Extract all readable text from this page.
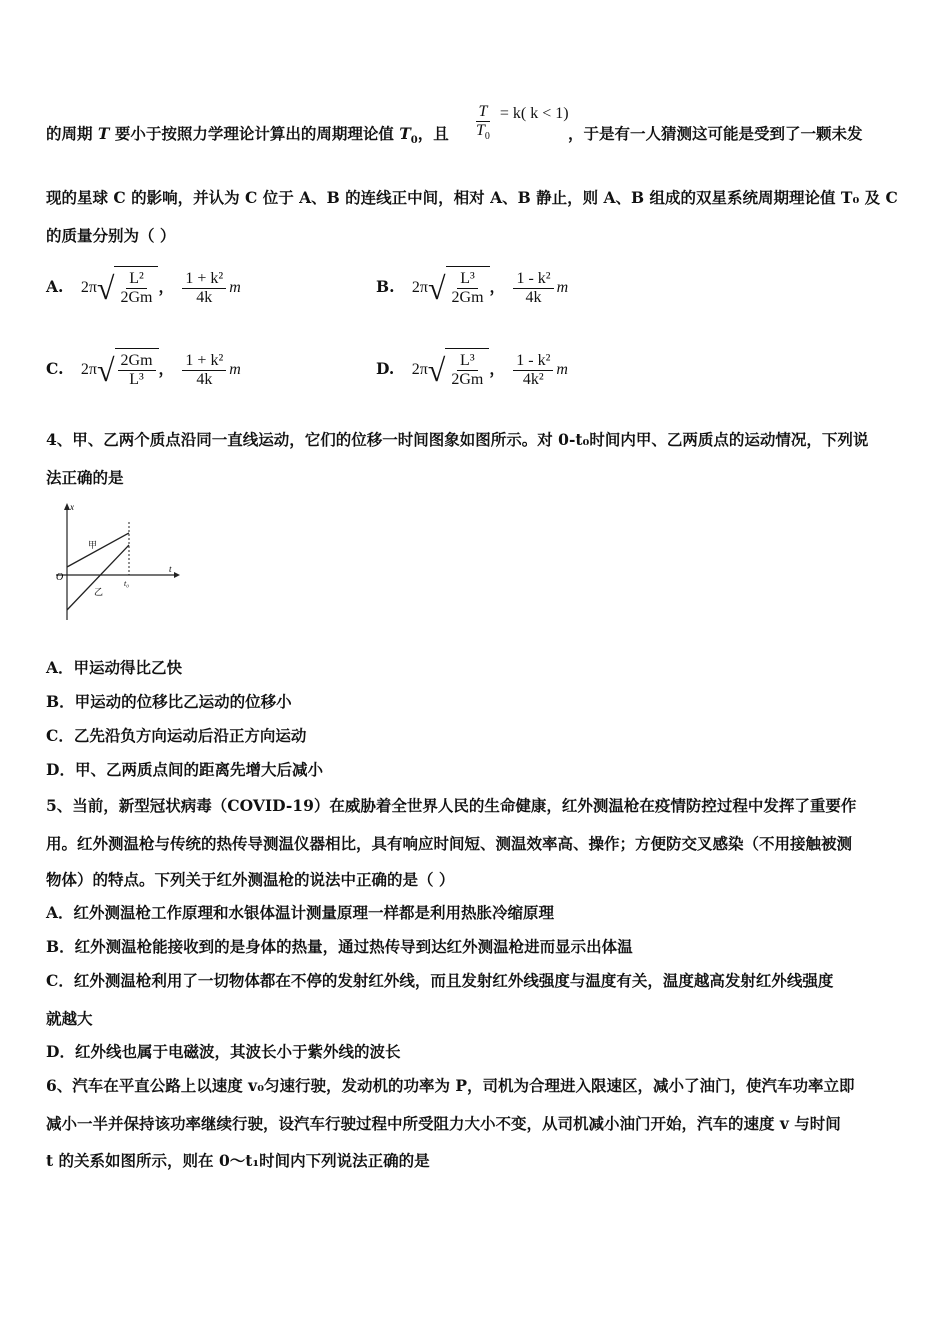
的周期 T 要小于按照力学理论计算出的周期理论值 $T_0$，且 $\frac{T}{T_0} = k$( k < 1)
，于是有一人猜测这可能是受到了一颗未发
现的星球 C 的影响，并认为 C 位于 A、B 的连线正中间，相对 A、B 静止，则 A、B 组成的双星系统周期理论值 T₀ 及 C
的质量分别为（ ）
A. 2π √ $\frac{\text{L²}}{2Gm}$ ， $\frac{\text{1 + k²}}{4k}$ m	B. 2π √ $\frac{\text{L³}}{2Gm}$ ， $\frac{\text{1 - k²}}{4k}$ m
C. 2π √ $\frac{2Gm}{\text{L³}}$ ， $\frac{\text{1 + k²}}{4k}$ m	D. 2π √ $\frac{\text{L³}}{2Gm}$ ， $\frac{\text{1 - k²}}{\text{4k²}}$ m
4、甲、乙两个质点沿同一直线运动，它们的位移一时间图象如图所示。对 0-t₀时间内甲、乙两质点的运动情况，下列说
法正确的是
x
t
O
t₀
甲
乙
A．甲运动得比乙快
B．甲运动的位移比乙运动的位移小
C．乙先沿负方向运动后沿正方向运动
D．甲、乙两质点间的距离先增大后减小
5、当前，新型冠状病毒（COVID-19）在威胁着全世界人民的生命健康，红外测温枪在疫情防控过程中发挥了重要作
用。红外测温枪与传统的热传导测温仪器相比，具有响应时间短、测温效率高、操作；方便防交叉感染（不用接触被测
物体）的特点。下列关于红外测温枪的说法中正确的是（ ）
A．红外测温枪工作原理和水银体温计测量原理一样都是利用热胀冷缩原理
B．红外测温枪能接收到的是身体的热量，通过热传导到达红外测温枪进而显示出体温
C．红外测温枪利用了一切物体都在不停的发射红外线，而且发射红外线强度与温度有关，温度越高发射红外线强度
就越大
D．红外线也属于电磁波，其波长小于紫外线的波长
6、汽车在平直公路上以速度 v₀匀速行驶，发动机的功率为 P，司机为合理进入限速区，减小了油门，使汽车功率立即
减小一半并保持该功率继续行驶，设汽车行驶过程中所受阻力大小不变，从司机减小油门开始，汽车的速度 v 与时间
t 的关系如图所示，则在 0～t₁时间内下列说法正确的是
